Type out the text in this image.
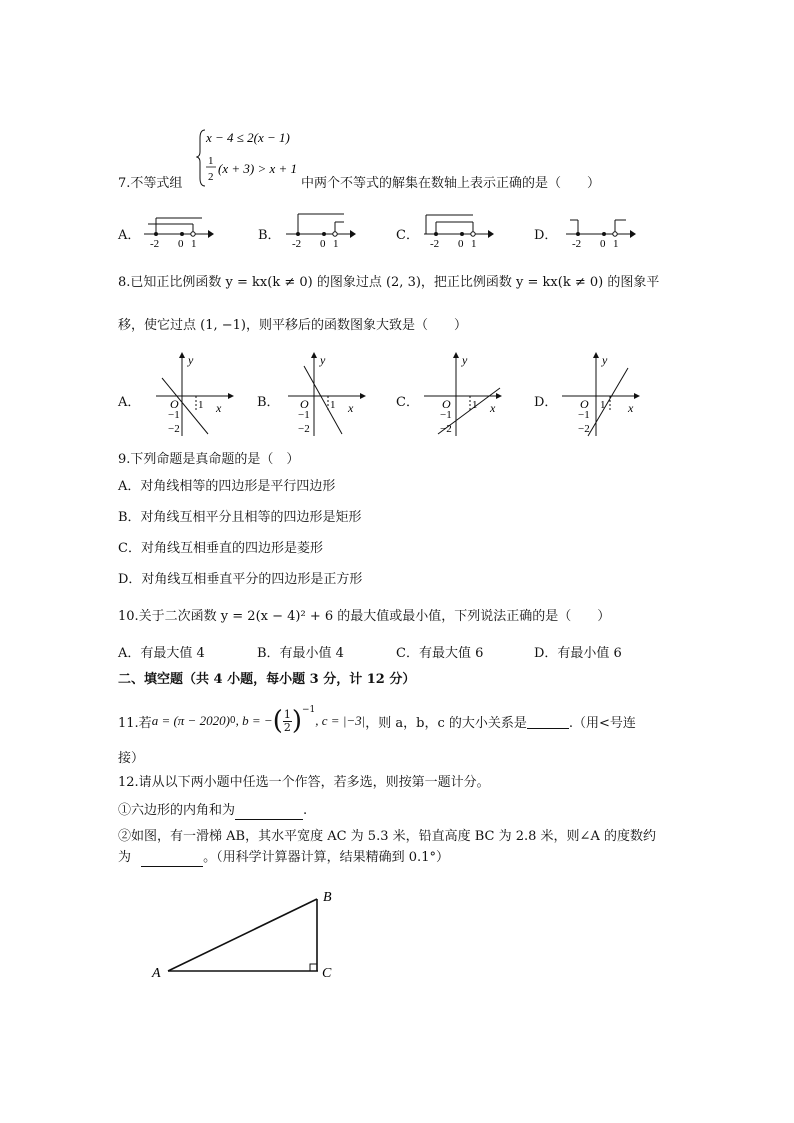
7.不等式组
x − 4 ≤ 2(x − 1)
1
2
(x + 3) > x + 1
中两个不等式的解集在数轴上表示正确的是（　　）
A．
-2 0 1
B．
-2 0 1
C．
-2 0 1
D．
-2 0 1
8.已知正比例函数 y = kx(k ≠ 0) 的图象过点 (2, 3)，把正比例函数 y = kx(k ≠ 0) 的图象平
移，使它过点 (1, −1)，则平移后的函数图象大致是（　　）
A．
y
x
O 1
−1
−2
B．
y
x
O 1
−1
−2
C．
y
x
O 1
−1
−2
D．
y
x
O 1
−1
−2
9.下列命题是真命题的是（　）
A．对角线相等的四边形是平行四边形
B．对角线互相平分且相等的四边形是矩形
C．对角线互相垂直的四边形是菱形
D．对角线互相垂直平分的四边形是正方形
10.关于二次函数 y = 2(x − 4)² + 6 的最大值或最小值，下列说法正确的是（　　）
A．有最大值 4	B．有最小值 4	C．有最大值 6	D．有最小值 6
二、填空题（共 4 小题，每小题 3 分，计 12 分）
11.若 a = (π − 2020) 0 , b = − ( 1
2 )$^{-1}$
, c = |−3| ，则 a，b，c 的大小关系是	.（用<号连
接）
12.请从以下两小题中任选一个作答，若多选，则按第一题计分。
①六边形的内角和为	.
②如图，有一滑梯 AB，其水平宽度 AC 为 5.3 米，铅直高度 BC 为 2.8 米，则∠A 的度数约
为	。（用科学计算器计算，结果精确到 0.1°）
A
B
C
